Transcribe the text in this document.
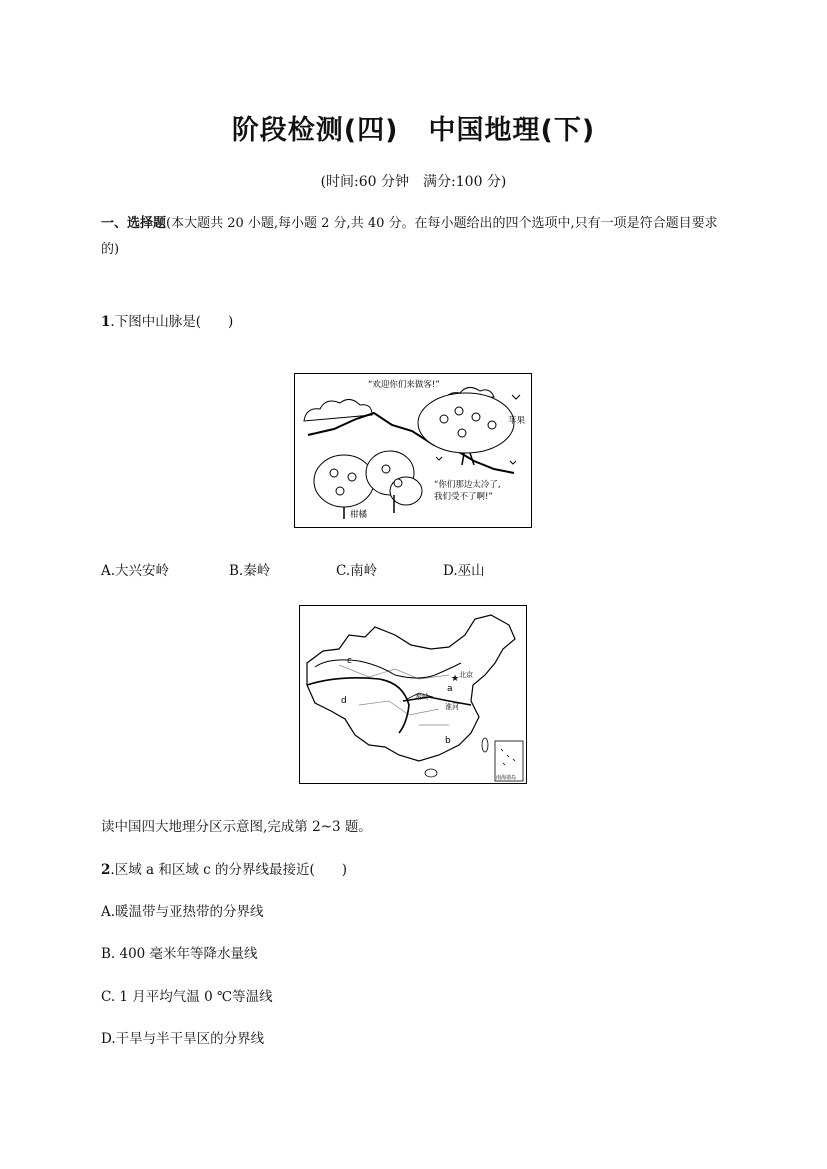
阶段检测(四) 中国地理(下)
(时间:60 分钟 满分:100 分)
一、选择题(本大题共 20 小题,每小题 2 分,共 40 分。在每小题给出的四个选项中,只有一项是符合题目要求的)
1.下图中山脉是(　　)
“欢迎你们来做客!”
苹果
“你们那边太冷了,
我们受不了啊!”
柑橘
A.大兴安岭	B.秦岭	C.南岭	D.巫山
★
c
d
a
b
北京
秦岭
淮河
南海诸岛
读中国四大地理分区示意图,完成第 2~3 题。
2.区域 a 和区域 c 的分界线最接近(　　)
A.暖温带与亚热带的分界线
B. 400 毫米年等降水量线
C. 1 月平均气温 0 ℃等温线
D.干旱与半干旱区的分界线
